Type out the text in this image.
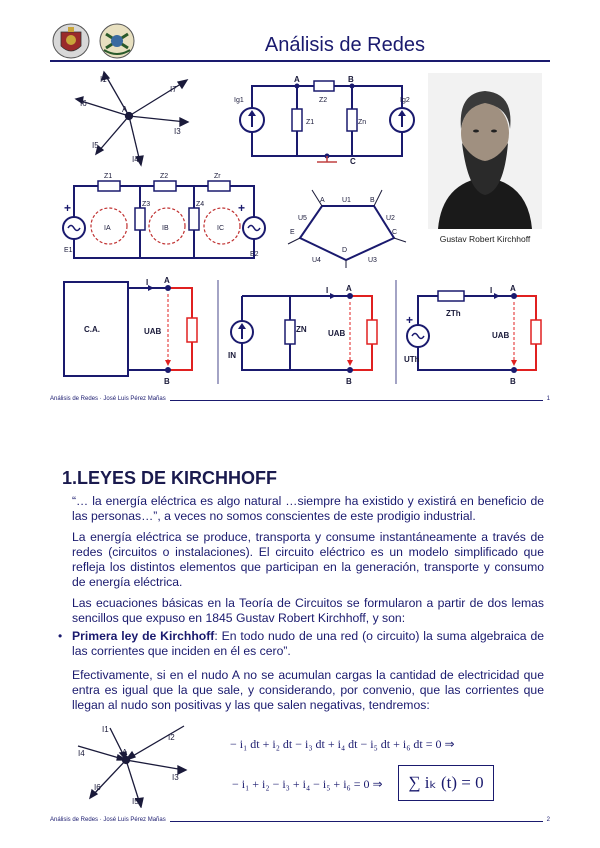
Análisis de Redes
I1
I7
I6
A
I3
I5
I4
A	B
C
Z2
Z1	Zn
Ig1	Ig2
Gustav Robert Kirchhoff
+	+
Z1	Z2	Zr
Z3	Z4
IA	IB	IC
E1
E2
A U1	B
U5	U2
E	C
D
U4	U3
C.A.
I A
UAB
B
ZN
IN
I A
UAB
B
+	ZTh
I A
UTh
UAB
B
Análisis de Redes · José Luis Pérez Mañas	1
1.LEYES DE KIRCHHOFF
“… la energía eléctrica es algo natural …siempre ha existido y existirá en beneficio de las personas…”, a veces no somos conscientes de este prodigio industrial.
La energía eléctrica se produce, transporta y consume instantáneamente a través de redes (circuitos o instalaciones). El circuito eléctrico es un modelo simplificado que refleja los distintos elementos que participan en la generación, transporte y consumo de energía eléctrica.
Las ecuaciones básicas en la Teoría de Circuitos se formularon a partir de dos lemas sencillos que expuso en 1845 Gustav Robert Kirchhoff, y son:
• Primera ley de Kirchhoff: En todo nudo de una red (o circuito) la suma algebraica de las corrientes que inciden en él es cero”.
Efectivamente, si en el nudo A no se acumulan cargas la cantidad de electricidad que entra es igual que la que sale, y considerando, por convenio, que las corrientes que llegan al nudo son positivas y las que salen negativas, tendremos:
I1
I2
I4	A
I3
I6
I5
− i₁ dt + i₂ dt − i₃ dt + i₄ dt − i₅ dt + i₆ dt = 0 ⇒
− i₁ + i₂ − i₃ + i₄ − i₅ + i₆ = 0 ⇒	∑ iₖ (t) = 0
Análisis de Redes · José Luis Pérez Mañas	2
